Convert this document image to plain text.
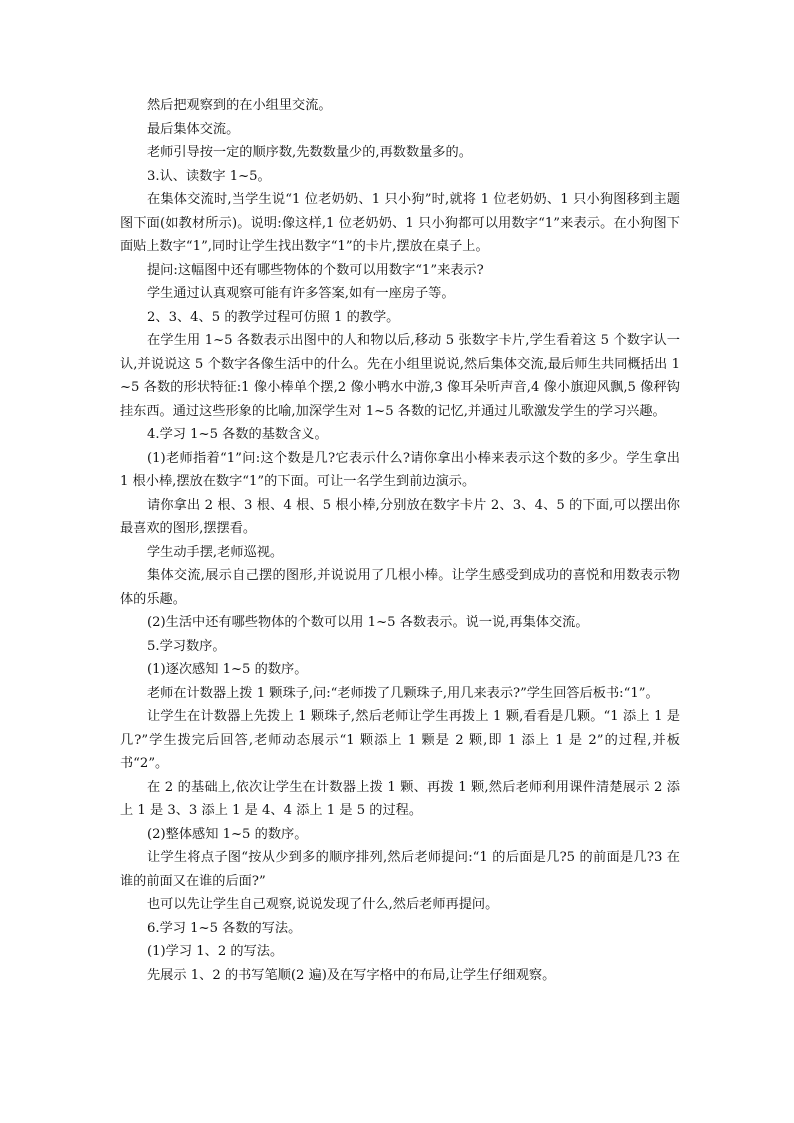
然后把观察到的在小组里交流。

最后集体交流。

老师引导按一定的顺序数,先数数量少的,再数数量多的。

3.认、读数字 1~5。

在集体交流时,当学生说“1 位老奶奶、1 只小狗”时,就将 1 位老奶奶、1 只小狗图移到主题图下面(如教材所示)。说明:像这样,1 位老奶奶、1 只小狗都可以用数字“1”来表示。在小狗图下面贴上数字“1”,同时让学生找出数字“1”的卡片,摆放在桌子上。

提问:这幅图中还有哪些物体的个数可以用数字“1”来表示?

学生通过认真观察可能有许多答案,如有一座房子等。

2、3、4、5 的教学过程可仿照 1 的教学。

在学生用 1~5 各数表示出图中的人和物以后,移动 5 张数字卡片,学生看着这 5 个数字认一认,并说说这 5 个数字各像生活中的什么。先在小组里说说,然后集体交流,最后师生共同概括出 1~5 各数的形状特征:1 像小棒单个摆,2 像小鸭水中游,3 像耳朵听声音,4 像小旗迎风飘,5 像秤钩挂东西。通过这些形象的比喻,加深学生对 1~5 各数的记忆,并通过儿歌激发学生的学习兴趣。

4.学习 1~5 各数的基数含义。

(1)老师指着“1”问:这个数是几?它表示什么?请你拿出小棒来表示这个数的多少。学生拿出 1 根小棒,摆放在数字“1”的下面。可让一名学生到前边演示。

请你拿出 2 根、3 根、4 根、5 根小棒,分别放在数字卡片 2、3、4、5 的下面,可以摆出你最喜欢的图形,摆摆看。

学生动手摆,老师巡视。

集体交流,展示自己摆的图形,并说说用了几根小棒。让学生感受到成功的喜悦和用数表示物体的乐趣。

(2)生活中还有哪些物体的个数可以用 1~5 各数表示。说一说,再集体交流。

5.学习数序。

(1)逐次感知 1~5 的数序。

老师在计数器上拨 1 颗珠子,问:“老师拨了几颗珠子,用几来表示?”学生回答后板书:“1”。

让学生在计数器上先拨上 1 颗珠子,然后老师让学生再拨上 1 颗,看看是几颗。“1 添上 1 是几?”学生拨完后回答,老师动态展示“1 颗添上 1 颗是 2 颗,即 1 添上 1 是 2”的过程,并板书“2”。

在 2 的基础上,依次让学生在计数器上拨 1 颗、再拨 1 颗,然后老师利用课件清楚展示 2 添上 1 是 3、3 添上 1 是 4、4 添上 1 是 5 的过程。

(2)整体感知 1~5 的数序。

让学生将点子图“按从少到多的顺序排列,然后老师提问:“1 的后面是几?5 的前面是几?3 在谁的前面又在谁的后面?”

也可以先让学生自己观察,说说发现了什么,然后老师再提问。

6.学习 1~5 各数的写法。

(1)学习 1、2 的写法。

先展示 1、2 的书写笔顺(2 遍)及在写字格中的布局,让学生仔细观察。
